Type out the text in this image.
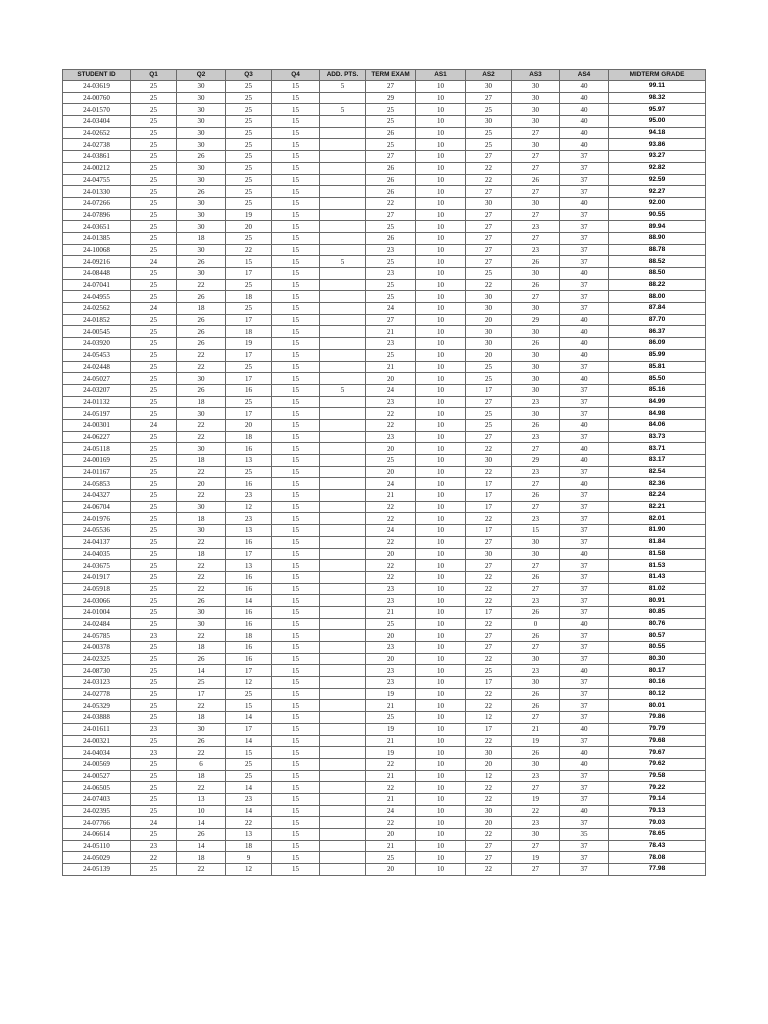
STUDENT ID	Q1	Q2	Q3	Q4	ADD. PTS.	TERM EXAM	AS1	AS2	AS3	AS4	MIDTERM GRADE
24-03619	25	30	25	15	5	27	10	30	30	40	99.11
24-00760	25	30	25	15		29	10	27	30	40	98.32
24-01570	25	30	25	15	5	25	10	25	30	40	95.97
24-03404	25	30	25	15		25	10	30	30	40	95.00
24-02652	25	30	25	15		26	10	25	27	40	94.18
24-02738	25	30	25	15		25	10	25	30	40	93.86
24-03861	25	26	25	15		27	10	27	27	37	93.27
24-00212	25	30	25	15		26	10	22	27	37	92.82
24-04755	25	30	25	15		26	10	22	26	37	92.59
24-01330	25	26	25	15		26	10	27	27	37	92.27
24-07266	25	30	25	15		22	10	30	30	40	92.00
24-07896	25	30	19	15		27	10	27	27	37	90.55
24-03651	25	30	20	15		25	10	27	23	37	89.94
24-01385	25	18	25	15		26	10	27	27	37	88.90
24-10068	25	30	22	15		23	10	27	23	37	88.78
24-09216	24	26	15	15	5	25	10	27	26	37	88.52
24-08448	25	30	17	15		23	10	25	30	40	88.50
24-07041	25	22	25	15		25	10	22	26	37	88.22
24-04955	25	26	18	15		25	10	30	27	37	88.00
24-02562	24	18	25	15		24	10	30	30	37	87.84
24-01852	25	26	17	15		27	10	20	29	40	87.70
24-00545	25	26	18	15		21	10	30	30	40	86.37
24-03920	25	26	19	15		23	10	30	26	40	86.09
24-05453	25	22	17	15		25	10	20	30	40	85.99
24-02448	25	22	25	15		21	10	25	30	37	85.81
24-05027	25	30	17	15		20	10	25	30	40	85.50
24-03207	25	26	16	15	5	24	10	17	30	37	85.16
24-01132	25	18	25	15		23	10	27	23	37	84.99
24-05197	25	30	17	15		22	10	25	30	37	84.98
24-00301	24	22	20	15		22	10	25	26	40	84.06
24-06227	25	22	18	15		23	10	27	23	37	83.73
24-05118	25	30	16	15		20	10	22	27	40	83.71
24-00169	25	18	13	15		25	10	30	29	40	83.17
24-01167	25	22	25	15		20	10	22	23	37	82.54
24-05853	25	20	16	15		24	10	17	27	40	82.36
24-04327	25	22	23	15		21	10	17	26	37	82.24
24-06704	25	30	12	15		22	10	17	27	37	82.21
24-01976	25	18	23	15		22	10	22	23	37	82.01
24-05536	25	30	13	15		24	10	17	15	37	81.90
24-04137	25	22	16	15		22	10	27	30	37	81.84
24-04035	25	18	17	15		20	10	30	30	40	81.58
24-03675	25	22	13	15		22	10	27	27	37	81.53
24-01917	25	22	16	15		22	10	22	26	37	81.43
24-05918	25	22	16	15		23	10	22	27	37	81.02
24-03066	25	26	14	15		23	10	22	23	37	80.91
24-01004	25	30	16	15		21	10	17	26	37	80.85
24-02484	25	30	16	15		25	10	22	0	40	80.76
24-05785	23	22	18	15		20	10	27	26	37	80.57
24-00378	25	18	16	15		23	10	27	27	37	80.55
24-02325	25	26	16	15		20	10	22	30	37	80.30
24-08730	25	14	17	15		23	10	25	23	40	80.17
24-03123	25	25	12	15		23	10	17	30	37	80.16
24-02778	25	17	25	15		19	10	22	26	37	80.12
24-05329	25	22	15	15		21	10	22	26	37	80.01
24-03888	25	18	14	15		25	10	12	27	37	79.86
24-01611	23	30	17	15		19	10	17	21	40	79.79
24-00321	25	26	14	15		21	10	22	19	37	79.68
24-04034	23	22	15	15		19	10	30	26	40	79.67
24-00569	25	6	25	15		22	10	20	30	40	79.62
24-00527	25	18	25	15		21	10	12	23	37	79.58
24-06505	25	22	14	15		22	10	22	27	37	79.22
24-07403	25	13	23	15		21	10	22	19	37	79.14
24-02395	25	10	14	15		24	10	30	22	40	79.13
24-07766	24	14	22	15		22	10	20	23	37	79.03
24-06614	25	26	13	15		20	10	22	30	35	78.65
24-05110	23	14	18	15		21	10	27	27	37	78.43
24-05029	22	18	9	15		25	10	27	19	37	78.08
24-05139	25	22	12	15		20	10	22	27	37	77.98
